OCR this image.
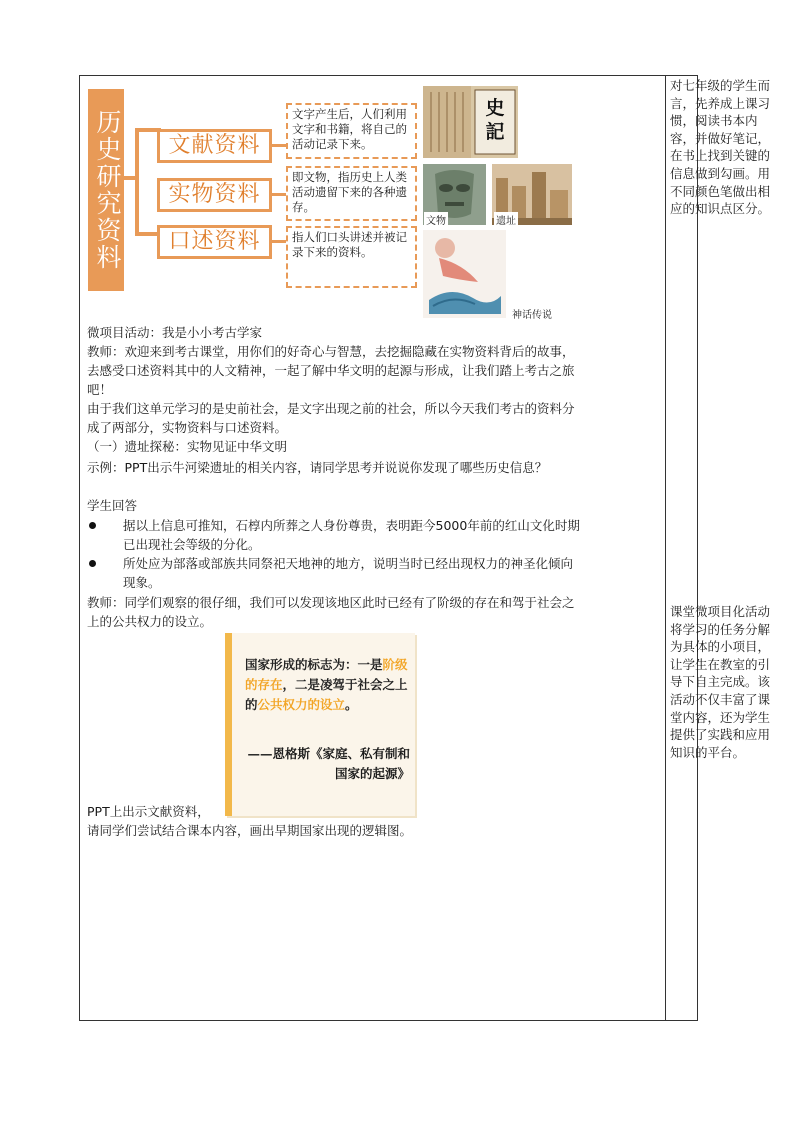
历史研究资料	文献资料
实物资料
口述资料
文字产生后，人们利用文字和书籍，将自己的活动记录下来。
即文物，指历史上人类活动遗留下来的各种遗存。
指人们口头讲述并被记录下来的资料。
史記
文物	遗址
神话传说
微项目活动：我是小小考古学家
教师：欢迎来到考古课堂，用你们的好奇心与智慧，去挖掘隐藏在实物资料背后的故事，去感受口述资料其中的人文精神，一起了解中华文明的起源与形成，让我们踏上考古之旅吧！
由于我们这单元学习的是史前社会，是文字出现之前的社会，所以今天我们考古的资料分成了两部分，实物资料与口述资料。
（一）遗址探秘：实物见证中华文明
示例：PPT出示牛河梁遗址的相关内容，请同学思考并说说你发现了哪些历史信息？
学生回答
据以上信息可推知，石椁内所葬之人身份尊贵，表明距今5000年前的红山文化时期已出现社会等级的分化。
所处应为部落或部族共同祭祀天地神的地方，说明当时已经出现权力的神圣化倾向现象。
教师：同学们观察的很仔细，我们可以发现该地区此时已经有了阶级的存在和驾于社会之上的公共权力的设立。
国家形成的标志为：一是阶级的存在，二是凌驾于社会之上的公共权力的设立。
——恩格斯《家庭、私有制和国家的起源》
PPT上出示文献资料，
请同学们尝试结合课本内容，画出早期国家出现的逻辑图。
对七年级的学生而言，先养成上课习惯，阅读书本内容，并做好笔记，在书上找到关键的信息做到勾画。用不同颜色笔做出相应的知识点区分。
课堂微项目化活动将学习的任务分解为具体的小项目，让学生在教室的引导下自主完成。该活动不仅丰富了课堂内容，还为学生提供了实践和应用知识的平台。
